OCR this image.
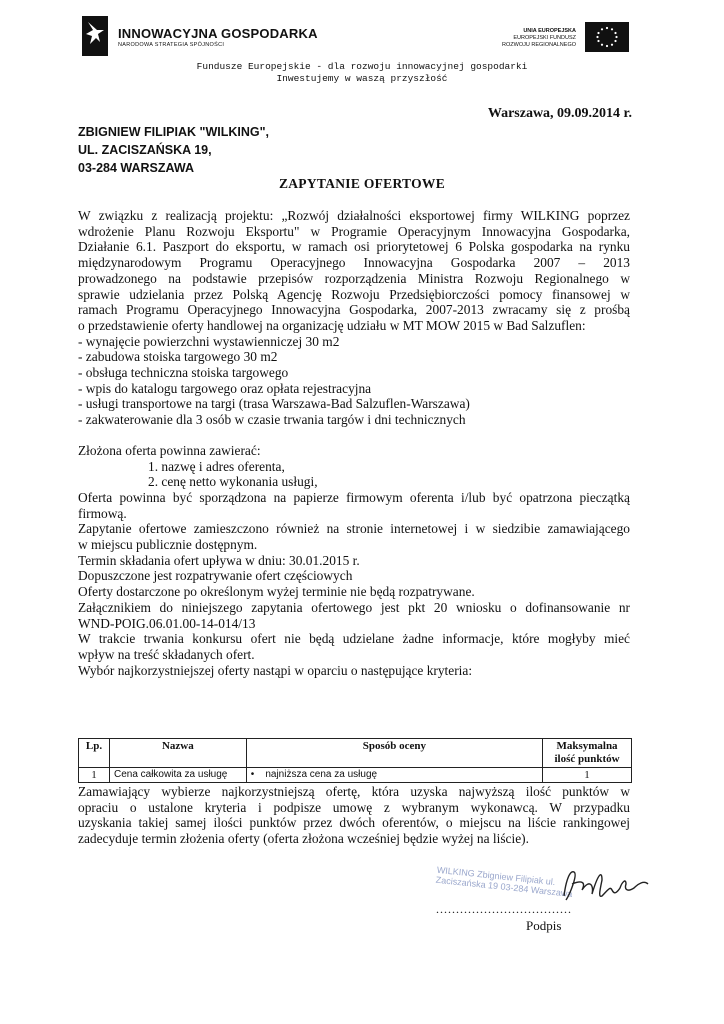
INNOWACYJNA GOSPODARKA
NARODOWA STRATEGIA SPÓJNOŚCI
UNIA EUROPEJSKA
EUROPEJSKI FUNDUSZ
ROZWOJU REGIONALNEGO
Fundusze Europejskie - dla rozwoju innowacyjnej gospodarki
Inwestujemy w waszą przyszłość
Warszawa, 09.09.2014 r.
ZBIGNIEW FILIPIAK "WILKING",
UL. ZACISZAŃSKA 19,
03-284 WARSZAWA
ZAPYTANIE OFERTOWE
W związku z realizacją projektu: „Rozwój działalności eksportowej firmy WILKING poprzez
wdrożenie Planu Rozwoju Eksportu" w Programie Operacyjnym Innowacyjna Gospodarka,
Działanie 6.1. Paszport do eksportu, w ramach osi priorytetowej 6 Polska gospodarka na rynku
międzynarodowym Programu Operacyjnego Innowacyjna Gospodarka 2007 – 2013
prowadzonego na podstawie przepisów rozporządzenia Ministra Rozwoju Regionalnego w
sprawie udzielania przez Polską Agencję Rozwoju Przedsiębiorczości pomocy finansowej w
ramach Programu Operacyjnego Innowacyjna Gospodarka, 2007-2013 zwracamy się z prośbą
o przedstawienie oferty handlowej na organizację udziału w MT MOW 2015 w Bad Salzuflen:
- wynajęcie powierzchni wystawienniczej 30 m2
- zabudowa stoiska targowego 30 m2
- obsługa techniczna stoiska targowego
- wpis do katalogu targowego oraz opłata rejestracyjna
- usługi transportowe na targi (trasa Warszawa-Bad Salzuflen-Warszawa)
- zakwaterowanie dla 3 osób w czasie trwania targów i dni technicznych
Złożona oferta powinna zawierać:
1. nazwę i adres oferenta,
2. cenę netto wykonania usługi,
Oferta powinna być sporządzona na papierze firmowym oferenta i/lub być opatrzona pieczątką
firmową.
Zapytanie ofertowe zamieszczono również na stronie internetowej i w siedzibie zamawiającego
w miejscu publicznie dostępnym.
Termin składania ofert upływa w dniu: 30.01.2015 r.
Dopuszczone jest rozpatrywanie ofert częściowych
Oferty dostarczone po określonym wyżej terminie nie będą rozpatrywane.
Załącznikiem do niniejszego zapytania ofertowego jest pkt 20 wniosku o dofinansowanie nr
WND-POIG.06.01.00-14-014/13
W trakcie trwania konkursu ofert nie będą udzielane żadne informacje, które mogłyby mieć
wpływ na treść składanych ofert.
Wybór najkorzystniejszej oferty nastąpi w oparciu o następujące kryteria:
Lp.	Nazwa	Sposób oceny	Maksymalna ilość punktów
1	Cena całkowita za usługę	•    najniższa cena za usługę	1
Zamawiający wybierze najkorzystniejszą ofertę, która uzyska najwyższą ilość punktów w
opraciu o ustalone kryteria i podpisze umowę z wybranym wykonawcą. W przypadku
uzyskania takiej samej ilości punktów przez dwóch oferentów, o miejscu na liście rankingowej
zadecyduje termin złożenia oferty (oferta złożona wcześniej będzie wyżej na liście).
WILKING Zbigniew Filipiak ul. Zaciszańska 19 03-284 Warszawa
..................................
Podpis
